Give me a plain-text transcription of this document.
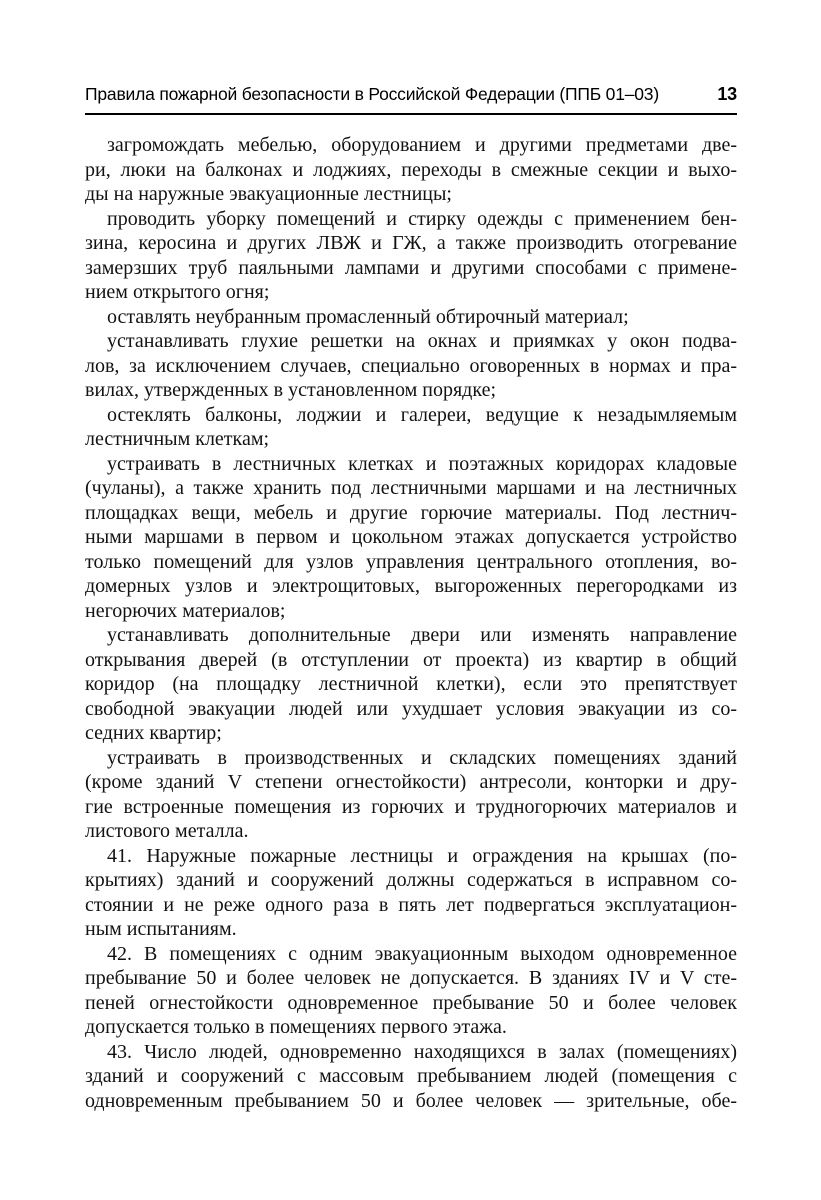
Правила пожарной безопасности в Российской Федерации (ППБ 01–03)	13
загромождать мебелью, оборудованием и другими предметами две-
ри, люки на балконах и лоджиях, переходы в смежные секции и выхо-
ды на наружные эвакуационные лестницы;
проводить уборку помещений и стирку одежды с применением бен-
зина, керосина и других ЛВЖ и ГЖ, а также производить отогревание
замерзших труб паяльными лампами и другими способами с примене-
нием открытого огня;
оставлять неубранным промасленный обтирочный материал;
устанавливать глухие решетки на окнах и приямках у окон подва-
лов, за исключением случаев, специально оговоренных в нормах и пра-
вилах, утвержденных в установленном порядке;
остеклять балконы, лоджии и галереи, ведущие к незадымляемым
лестничным клеткам;
устраивать в лестничных клетках и поэтажных коридорах кладовые
(чуланы), а также хранить под лестничными маршами и на лестничных
площадках вещи, мебель и другие горючие материалы. Под лестнич-
ными маршами в первом и цокольном этажах допускается устройство
только помещений для узлов управления центрального отопления, во-
домерных узлов и электрощитовых, выгороженных перегородками из
негорючих материалов;
устанавливать дополнительные двери или изменять направление
открывания дверей (в отступлении от проекта) из квартир в общий
коридор (на площадку лестничной клетки), если это препятствует
свободной эвакуации людей или ухудшает условия эвакуации из со-
седних квартир;
устраивать в производственных и складских помещениях зданий
(кроме зданий V степени огнестойкости) антресоли, конторки и дру-
гие встроенные помещения из горючих и трудногорючих материалов и
листового металла.
41. Наружные пожарные лестницы и ограждения на крышах (по-
крытиях) зданий и сооружений должны содержаться в исправном со-
стоянии и не реже одного раза в пять лет подвергаться эксплуатацион-
ным испытаниям.
42. В помещениях с одним эвакуационным выходом одновременное
пребывание 50 и более человек не допускается. В зданиях IV и V сте-
пеней огнестойкости одновременное пребывание 50 и более человек
допускается только в помещениях первого этажа.
43. Число людей, одновременно находящихся в залах (помещениях)
зданий и сооружений с массовым пребыванием людей (помещения с
одновременным пребыванием 50 и более человек — зрительные, обе-
